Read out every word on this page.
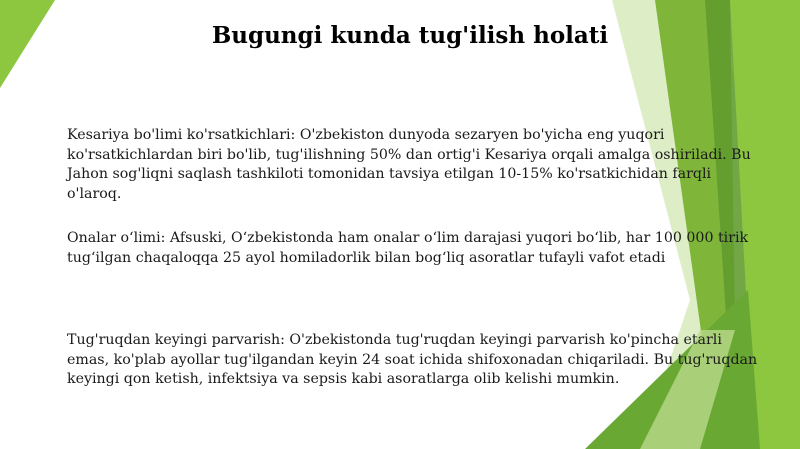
Bugungi kunda tug'ilish holati

Kesariya bo'limi ko'rsatkichlari: O'zbekiston dunyoda sezaryen bo'yicha eng yuqori ko'rsatkichlardan biri bo'lib, tug'ilishning 50% dan ortig'i Kesariya orqali amalga oshiriladi. Bu Jahon sog'liqni saqlash tashkiloti tomonidan tavsiya etilgan 10-15% ko'rsatkichidan farqli o'laroq.

Onalar o‘limi: Afsuski, O‘zbekistonda ham onalar o‘lim darajasi yuqori bo‘lib, har 100 000 tirik tug‘ilgan chaqaloqqa 25 ayol homiladorlik bilan bog‘liq asoratlar tufayli vafot etadi

Tug'ruqdan keyingi parvarish: O'zbekistonda tug'ruqdan keyingi parvarish ko'pincha etarli emas, ko'plab ayollar tug'ilgandan keyin 24 soat ichida shifoxonadan chiqariladi. Bu tug'ruqdan keyingi qon ketish, infektsiya va sepsis kabi asoratlarga olib kelishi mumkin.
